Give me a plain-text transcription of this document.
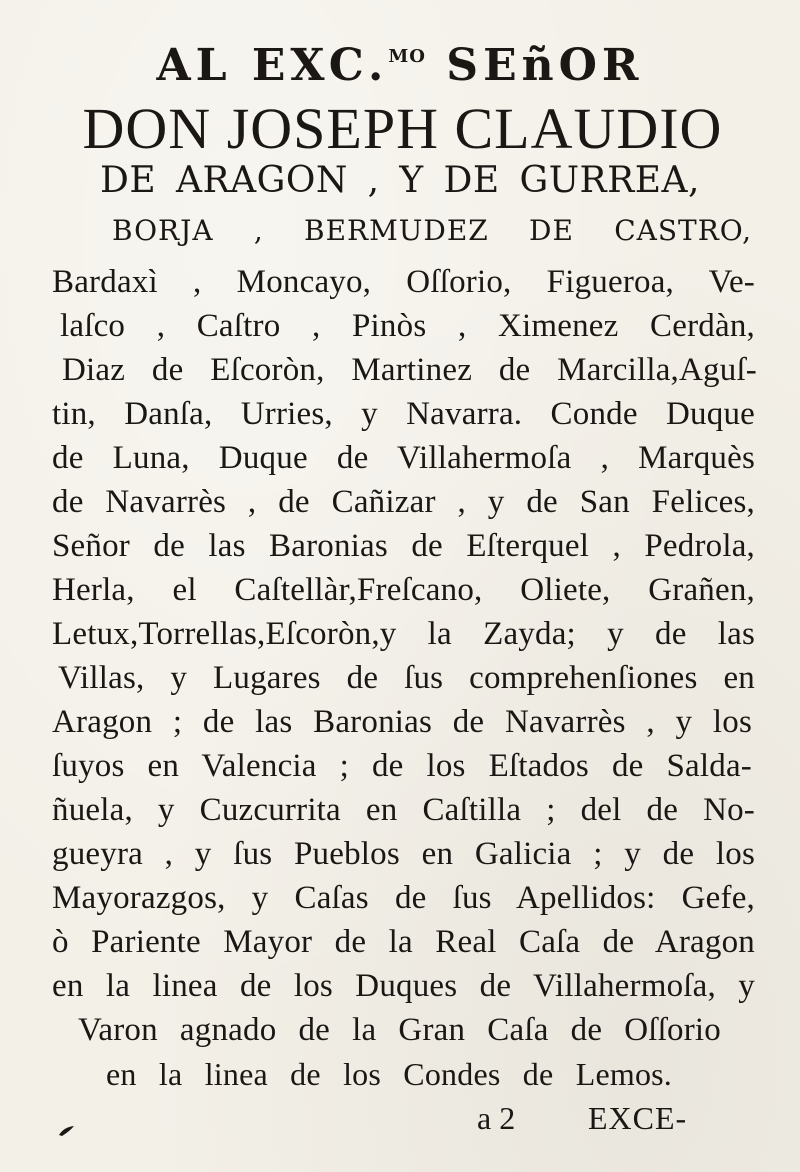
AL EXC.$^{MO}$ SEñOR
DON JOSEPH CLAUDIO
DE ARAGON , Y DE GURREA,
BORJA , BERMUDEZ DE CASTRO,
Bardaxì , Moncayo, Oſſorio, Figueroa, Ve-
laſco , Caſtro , Pinòs , Ximenez Cerdàn,
Diaz de Eſcoròn, Martinez de Marcilla,Aguſ-
tin, Danſa, Urries, y Navarra. Conde Duque
de Luna, Duque de Villahermoſa , Marquès
de Navarrès , de Cañizar , y de San Felices,
Señor de las Baronias de Eſterquel , Pedrola,
Herla, el Caſtellàr,Freſcano, Oliete, Grañen,
Letux,Torrellas,Eſcoròn,y la Zayda; y de las
Villas, y Lugares de ſus comprehenſiones en
Aragon ; de las Baronias de Navarrès , y los
ſuyos en Valencia ; de los Eſtados de Salda-
ñuela, y Cuzcurrita en Caſtilla ; del de No-
gueyra , y ſus Pueblos en Galicia ; y de los
Mayorazgos, y Caſas de ſus Apellidos: Gefe,
ò Pariente Mayor de la Real Caſa de Aragon
en la linea de los Duques de Villahermoſa, y
Varon agnado de la Gran Caſa de Oſſorio
en la linea de los Condes de Lemos.
a 2 EXCE-
